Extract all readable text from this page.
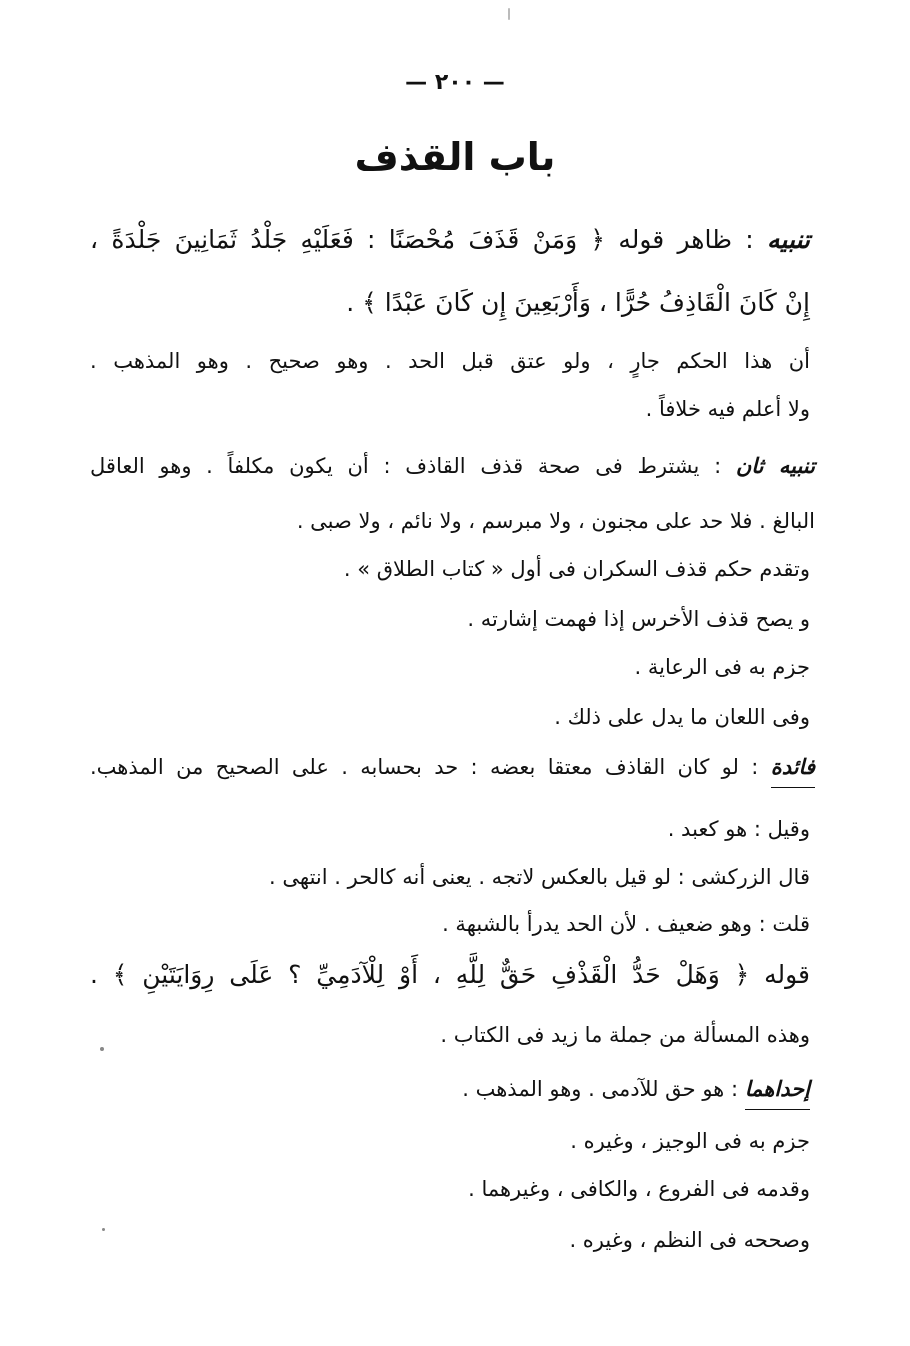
— ٢٠٠ —
باب القذف
تنبيه : ظاهر قوله ﴿ وَمَنْ قَذَفَ مُحْصَنًا : فَعَلَيْهِ جَلْدُ ثَمَانِينَ جَلْدَةً ،
إِنْ كَانَ الْقَاذِفُ حُرًّا ، وَأَرْبَعِينَ إِن كَانَ عَبْدًا ﴾ .
أن هذا الحكم جارٍ ، ولو عتق قبل الحد . وهو صحيح . وهو المذهب .
ولا أعلم فيه خلافاً .
تنبيه ثان : يشترط فى صحة قذف القاذف : أن يكون مكلفاً . وهو العاقل
البالغ . فلا حد على مجنون ، ولا مبرسم ، ولا نائم ، ولا صبى .
وتقدم حكم قذف السكران فى أول « كتاب الطلاق » .
و يصح قذف الأخرس إذا فهمت إشارته .
جزم به فى الرعاية .
وفى اللعان ما يدل على ذلك .
فائدة : لو كان القاذف معتقا بعضه : حد بحسابه . على الصحيح من المذهب.
وقيل : هو كعبد .
قال الزركشى : لو قيل بالعكس لاتجه . يعنى أنه كالحر . انتهى .
قلت : وهو ضعيف . لأن الحد يدرأ بالشبهة .
قوله ﴿ وَهَلْ حَدُّ الْقَذْفِ حَقٌّ لِلَّهِ ، أَوْ لِلْآدَمِيِّ ؟ عَلَى رِوَايَتَيْنِ ﴾ .
وهذه المسألة من جملة ما زيد فى الكتاب .
إحداهما : هو حق للآدمى . وهو المذهب .
جزم به فى الوجيز ، وغيره .
وقدمه فى الفروع ، والكافى ، وغيرهما .
وصححه فى النظم ، وغيره .
